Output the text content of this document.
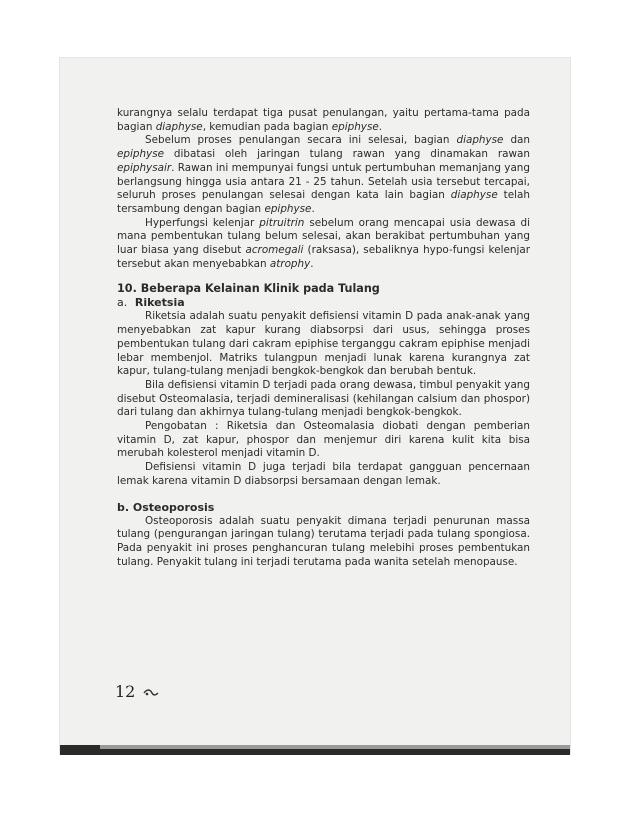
kurangnya selalu terdapat tiga pusat penulangan, yaitu pertama-tama pada bagian diaphyse, kemudian pada bagian epiphyse.

Sebelum proses penulangan secara ini selesai, bagian diaphyse dan epiphyse dibatasi oleh jaringan tulang rawan yang dinamakan rawan epiphysair. Rawan ini mempunyai fungsi untuk pertumbuhan memanjang yang berlangsung hingga usia antara 21 - 25 tahun. Setelah usia tersebut tercapai, seluruh proses penulangan selesai dengan kata lain bagian diaphyse telah tersambung dengan bagian epiphyse.

Hyperfungsi kelenjar pitruitrin sebelum orang mencapai usia dewasa di mana pembentukan tulang belum selesai, akan berakibat pertumbuhan yang luar biasa yang disebut acromegali (raksasa), sebaliknya hypo-fungsi kelenjar tersebut akan menyebabkan atrophy.

10. Beberapa Kelainan Klinik pada Tulang
a. Riketsia

Riketsia adalah suatu penyakit defisiensi vitamin D pada anak-anak yang menyebabkan zat kapur kurang diabsorpsi dari usus, sehingga proses pembentukan tulang dari cakram epiphise terganggu cakram epiphise menjadi lebar membenjol. Matriks tulangpun menjadi lunak karena kurangnya zat kapur, tulang-tulang menjadi bengkok-bengkok dan berubah bentuk.

Bila defisiensi vitamin D terjadi pada orang dewasa, timbul penyakit yang disebut Osteomalasia, terjadi demineralisasi (kehilangan calsium dan phospor) dari tulang dan akhirnya tulang-tulang menjadi bengkok-bengkok.

Pengobatan : Riketsia dan Osteomalasia diobati dengan pemberian vitamin D, zat kapur, phospor dan menjemur diri karena kulit kita bisa merubah kolesterol menjadi vitamin D.

Defisiensi vitamin D juga terjadi bila terdapat gangguan pencernaan lemak karena vitamin D diabsorpsi bersamaan dengan lemak.

b. Osteoporosis

Osteoporosis adalah suatu penyakit dimana terjadi penurunan massa tulang (pengurangan jaringan tulang) terutama terjadi pada tulang spongiosa. Pada penyakit ini proses penghancuran tulang melebihi proses pembentukan tulang. Penyakit tulang ini terjadi terutama pada wanita setelah menopause.

12
